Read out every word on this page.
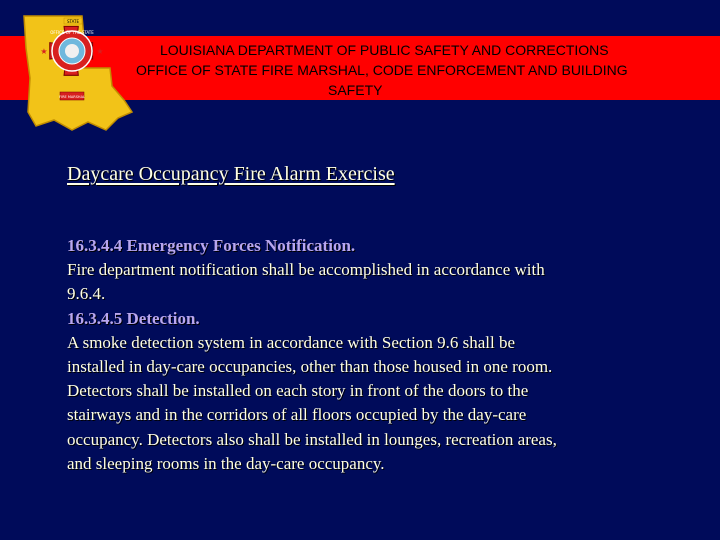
OFFICE OF THE STATE
STATE
FIRE MARSHAL
★	★	LOUISIANA DEPARTMENT OF PUBLIC SAFETY AND CORRECTIONS
OFFICE OF STATE FIRE MARSHAL, CODE ENFORCEMENT AND BUILDING
SAFETY
Daycare Occupancy Fire Alarm Exercise
16.3.4.4 Emergency Forces Notification.
Fire department notification shall be accomplished in accordance with
9.6.4.
16.3.4.5 Detection.
A smoke detection system in accordance with Section 9.6 shall be
installed in day-care occupancies, other than those housed in one room.
Detectors shall be installed on each story in front of the doors to the
stairways and in the corridors of all floors occupied by the day-care
occupancy. Detectors also shall be installed in lounges, recreation areas,
and sleeping rooms in the day-care occupancy.
